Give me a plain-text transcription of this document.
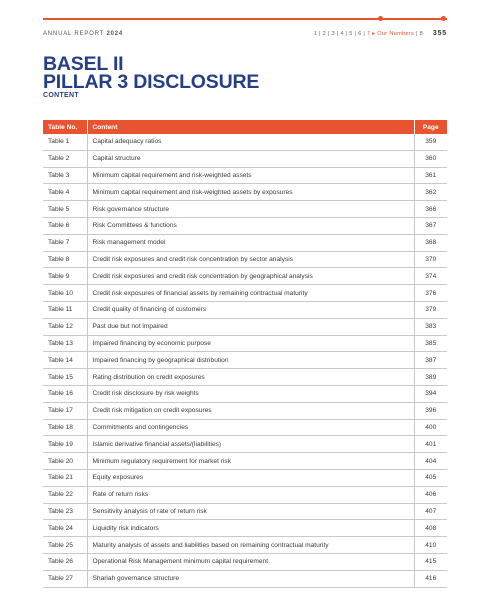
ANNUAL REPORT 2024	1 | 2 | 3 | 4 | 5 | 6 | 7 ▸ Our Numbers | 8 355
BASEL II
PILLAR 3 DISCLOSURE
CONTENT
Table No.	Content	Page
Table 1	Capital adequacy ratios	359
Table 2	Capital structure	360
Table 3	Minimum capital requirement and risk-weighted assets	361
Table 4	Minimum capital requirement and risk-weighted assets by exposures	362
Table 5	Risk governance structure	366
Table 6	Risk Committees & functions	367
Table 7	Risk management model	368
Table 8	Credit risk exposures and credit risk concentration by sector analysis	370
Table 9	Credit risk exposures and credit risk concentration by geographical analysis	374
Table 10	Credit risk exposures of financial assets by remaining contractual maturity	376
Table 11	Credit quality of financing of customers	379
Table 12	Past due but not impaired	383
Table 13	Impaired financing by economic purpose	385
Table 14	Impaired financing by geographical distribution	387
Table 15	Rating distribution on credit exposures	389
Table 16	Credit risk disclosure by risk weights	394
Table 17	Credit risk mitigation on credit exposures	396
Table 18	Commitments and contingencies	400
Table 19	Islamic derivative financial assets/(liabilities)	401
Table 20	Minimum regulatory requirement for market risk	404
Table 21	Equity exposures	405
Table 22	Rate of return risks	406
Table 23	Sensitivity analysis of rate of return risk	407
Table 24	Liquidity risk indicators	408
Table 25	Maturity analysis of assets and liabilities based on remaining contractual maturity	410
Table 26	Operational Risk Management minimum capital requirement	415
Table 27	Shariah governance structure	416
